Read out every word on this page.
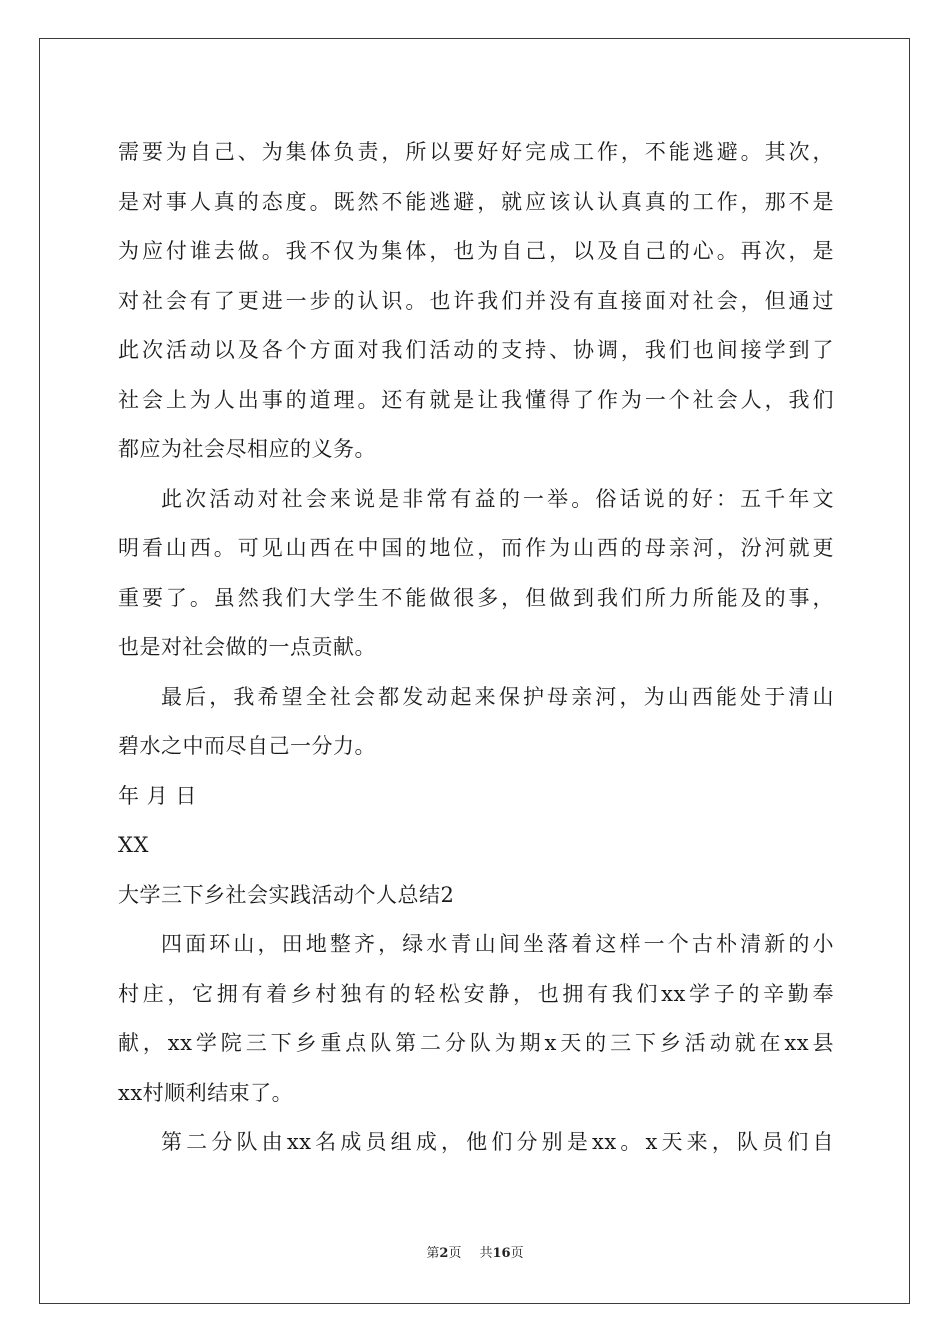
需要为自己、为集体负责，所以要好好完成工作，不能逃避。其次，
是对事人真的态度。既然不能逃避，就应该认认真真的工作，那不是
为应付谁去做。我不仅为集体，也为自己，以及自己的心。再次，是
对社会有了更进一步的认识。也许我们并没有直接面对社会，但通过
此次活动以及各个方面对我们活动的支持、协调，我们也间接学到了
社会上为人出事的道理。还有就是让我懂得了作为一个社会人，我们
都应为社会尽相应的义务。
此次活动对社会来说是非常有益的一举。俗话说的好：五千年文
明看山西。可见山西在中国的地位，而作为山西的母亲河，汾河就更
重要了。虽然我们大学生不能做很多，但做到我们所力所能及的事，
也是对社会做的一点贡献。
最后，我希望全社会都发动起来保护母亲河，为山西能处于清山
碧水之中而尽自己一分力。
年 月 日
XX
大学三下乡社会实践活动个人总结2
四面环山，田地整齐，绿水青山间坐落着这样一个古朴清新的小
村庄，它拥有着乡村独有的轻松安静，也拥有我们xx学子的辛勤奉
献，xx学院三下乡重点队第二分队为期x天的三下乡活动就在xx县
xx村顺利结束了。
第二分队由xx名成员组成，他们分别是xx。x天来，队员们自
第2页 共16页
